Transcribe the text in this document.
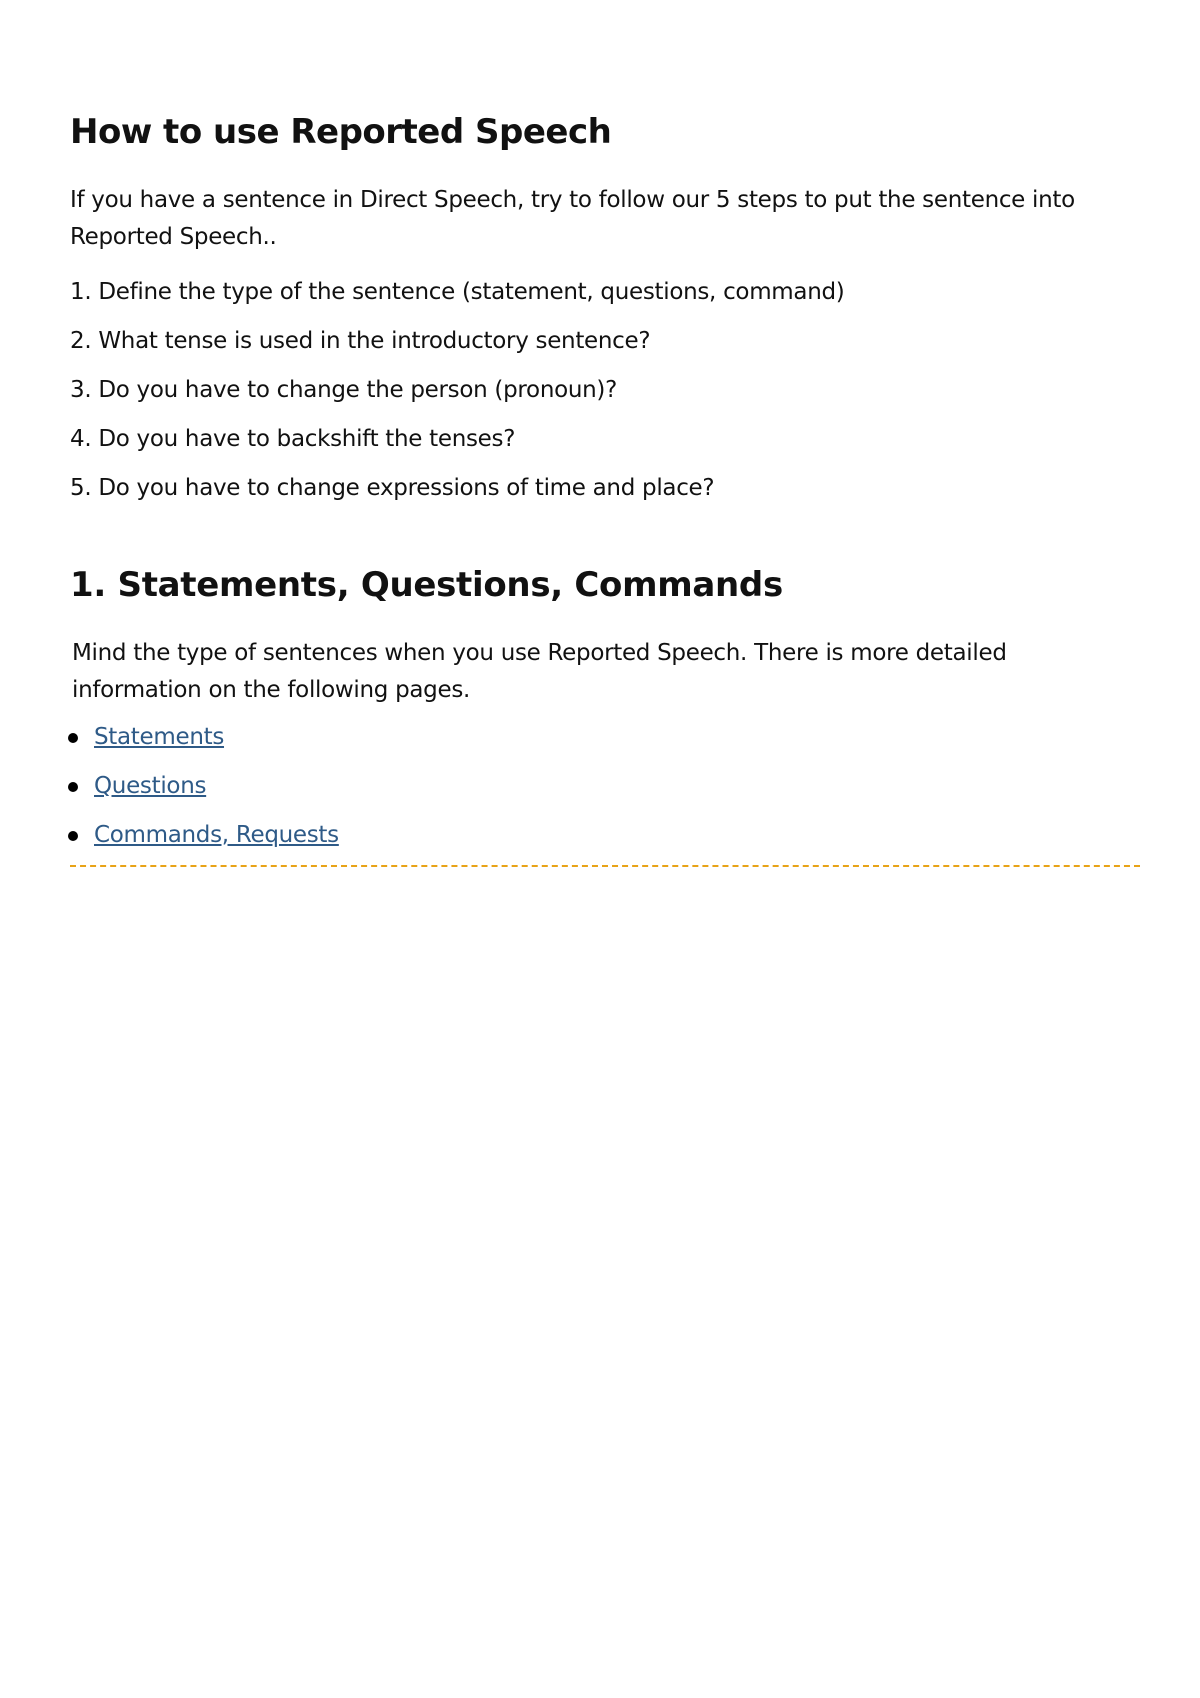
How to use Reported Speech

If you have a sentence in Direct Speech, try to follow our 5 steps to put the sentence into Reported Speech..

1. Define the type of the sentence (statement, questions, command)
2. What tense is used in the introductory sentence?
3. Do you have to change the person (pronoun)?
4. Do you have to backshift the tenses?
5. Do you have to change expressions of time and place?
1. Statements, Questions, Commands

Mind the type of sentences when you use Reported Speech. There is more detailed information on the following pages.

Statements
Questions
Commands, Requests
